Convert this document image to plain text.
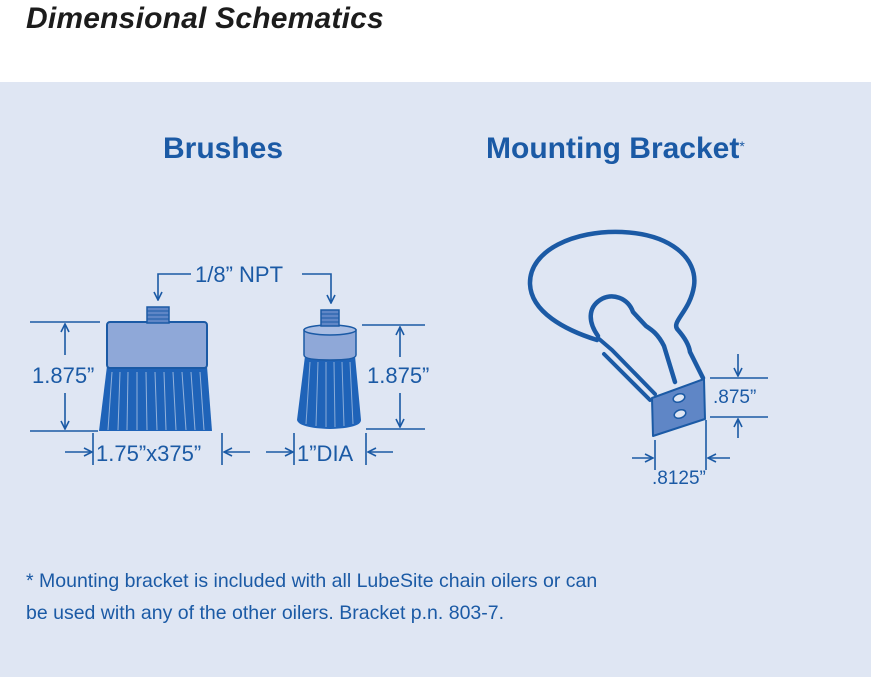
Dimensional Schematics
Brushes	Mounting Bracket*
1/8” NPT
1.875”	1.875”
1.75”x375”	1”DIA
.875”
.8125”
* Mounting bracket is included with all LubeSite chain oilers or can
be used with any of the other oilers. Bracket p.n. 803-7.
